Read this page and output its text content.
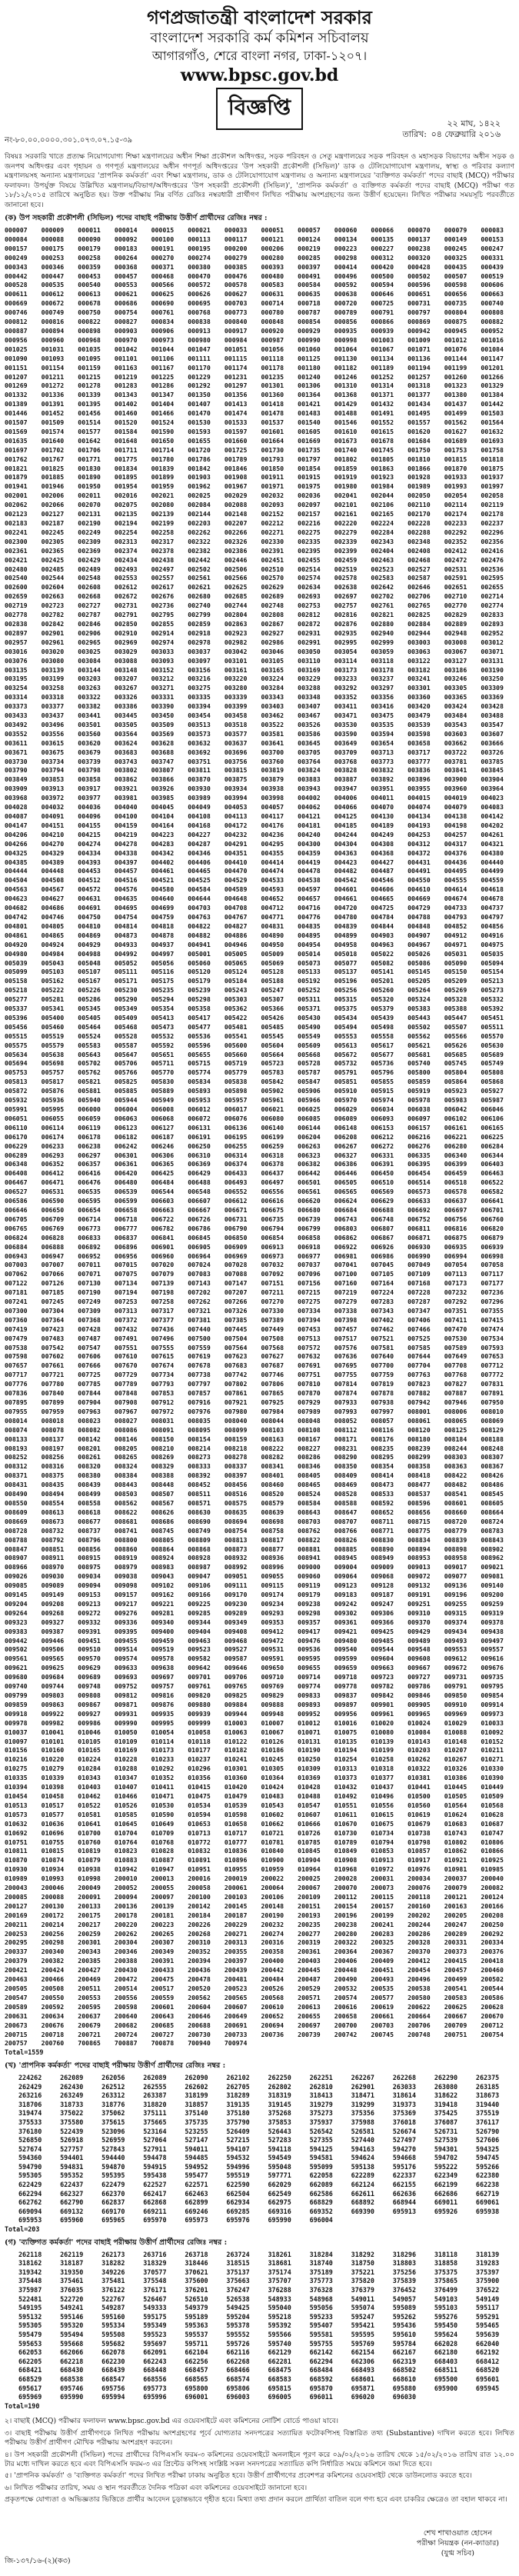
গণপ্রজাতন্ত্রী বাংলাদেশ সরকার
বাংলাদেশ সরকারি কর্ম কমিশন সচিবালয়
আগারগাঁও, শেরে বাংলা নগর, ঢাকা-১২০৭।
www.bpsc.gov.bd
বিজ্ঞপ্তি
২২ মাঘ, ১৪২২
তারিখ: ০৪ ফেব্রুয়ারি ২০১৬
নং-৮০.০০.০০০০.৩০১.০৭৩.০৭.১৫-৩৯
বিষয়ঃ সরকারি খাতে প্রত্যক্ষ নিয়োগযোগ্য শিক্ষা মন্ত্রণালয়ের অধীন শিক্ষা প্রকৌশল অধিদপ্তর, সড়ক পরিবহন ও সেতু মন্ত্রণালয়ের সড়ক পরিবহন ও মহাসড়ক বিভাগের অধীন সড়ক ও জনপথ অধিদপ্তর এবং গৃহায়ন ও গণপূর্ত মন্ত্রণালয়ের অধীন গণপূর্ত অধিদপ্তরের 'উপ সহকারী প্রকৌশলী (সিভিল)' ডাক ও টেলিযোগাযোগ মন্ত্রণালয়, স্বাস্থ্য ও পরিবার কল্যাণ মন্ত্রণালয়সহ অন্যান্য মন্ত্রণালয়ের 'প্রাপনিক কর্মকর্তা' এবং শিক্ষা মন্ত্রণালয়, ডাক ও টেলিযোগাযোগ মন্ত্রণালয় ও অন্যান্য মন্ত্রণালয়ের 'ব্যক্তিগত কর্মকর্তা' পদের বাছাই (MCQ) পরীক্ষার ফলাফল। উপর্যুক্ত বিষয়ে উল্লিখিত মন্ত্রণালয়/বিভাগ/অধিদপ্তরের 'উপ সহকারী প্রকৌশলী (সিভিল)', 'প্রাপনিক কর্মকর্তা' ও ব্যক্তিগত কর্মকর্তা পদের বাছাই (MCQ) পরীক্ষা গত ১৮/১২/২০১৫ তারিখে অনুষ্ঠিত হয়। উক্ত পরীক্ষায় নিম্ন বর্ণিত রেজিঃ নম্বরধারী প্রার্থীগণ লিখিত পরীক্ষায় অংশগ্রহণের জন্য উত্তীর্ণ হয়েছেন। লিখিত পরীক্ষার সময়সূচি পরবর্তীতে জানানো হবে।
(ক) উপ সহকারী প্রকৌশলী (সিভিল) পদের বাছাই পরীক্ষায় উত্তীর্ণ প্রার্থীদের রেজিঃ নম্বর :
000007	000009	000011	000014	000015	000021	000033	000051	000057	000060	000066	000070	000079	000083
000084	000088	000090	000092	000100	000113	000117	000121	000124	000134	000135	000137	000149	000153
000157	000175	000179	000183	000191	000195	000200	000206	000219	000223	000227	000238	000245	000247
000249	000253	000258	000264	000270	000274	000279	000280	000285	000298	000312	000320	000325	000331
000343	000346	000359	000368	000371	000380	000385	000393	000397	000414	000420	000428	000435	000439
000442	000447	000453	000457	000468	000470	000476	000480	000491	000496	000500	000502	000507	000519
000528	000535	000540	000553	000566	000572	000578	000583	000584	000592	000594	000596	000598	000606
000611	000612	000613	000621	000625	000626	000627	000631	000635	000638	000646	000651	000656	000663
000669	000672	000678	000686	000690	000695	000703	000714	000718	000720	000725	000731	000735	000740
000746	000749	000750	000754	000761	000768	000773	000780	000787	000789	000791	000797	000804	000808
000812	000816	000822	000827	000834	000838	000840	000848	000854	000856	000866	000869	000875	000882
000887	000894	000898	000903	000906	000913	000917	000920	000929	000935	000939	000942	000945	000952
000956	000960	000968	000970	000973	000980	000984	000987	000990	000998	001003	001009	001012	001016
001025	001031	001035	001042	001044	001047	001051	001056	001060	001064	001067	001071	001076	001084
001090	001093	001095	001101	001106	001111	001115	001118	001125	001130	001134	001136	001144	001147
001151	001154	001159	001163	001167	001170	001174	001178	001180	001182	001189	001194	001199	001201
001207	001211	001215	001219	001225	001229	001231	001235	001240	001246	001252	001257	001260	001266
001269	001272	001278	001283	001286	001292	001297	001301	001306	001310	001314	001318	001323	001329
001332	001336	001339	001343	001347	001350	001356	001360	001364	001368	001371	001377	001380	001384
001389	001391	001395	001402	001404	001407	001413	001418	001421	001429	001432	001434	001437	001442
001446	001452	001456	001460	001466	001470	001474	001478	001483	001488	001491	001495	001499	001503
001507	001509	001514	001520	001524	001530	001533	001537	001540	001546	001552	001557	001562	001564
001569	001574	001577	001584	001590	001593	001597	001601	001605	001610	001615	001620	001627	001632
001635	001640	001642	001648	001650	001655	001660	001664	001669	001673	001678	001684	001689	001693
001697	001702	001706	001711	001714	001720	001725	001730	001735	001740	001745	001750	001753	001758
001762	001767	001771	001775	001780	001786	001789	001793	001797	001802	001805	001810	001815	001818
001821	001825	001830	001834	001839	001842	001846	001850	001854	001859	001863	001866	001870	001875
001879	001885	001890	001895	001899	001903	001908	001911	001915	001919	001923	001928	001933	001937
001941	001946	001950	001954	001959	001962	001967	001971	001975	001980	001984	001989	001993	001997
002001	002006	002011	002016	002021	002025	002029	002032	002036	002041	002044	002050	002054	002058
002062	002066	002070	002075	002080	002084	002088	002093	002097	002101	002106	002110	002114	002119
002123	002127	002131	002135	002139	002144	002148	002152	002157	002161	002165	002170	002174	002178
002183	002187	002190	002194	002199	002203	002207	002212	002216	002220	002224	002228	002233	002237
002241	002245	002249	002254	002258	002262	002266	002271	002275	002279	002284	002288	002292	002296
002300	002305	002309	002313	002317	002322	002326	002330	002335	002339	002343	002348	002352	002356
002361	002365	002369	002374	002378	002382	002386	002391	002395	002399	002404	002408	002412	002416
002421	002425	002429	002434	002438	002442	002446	002451	002455	002459	002463	002468	002472	002476
002480	002485	002489	002493	002497	002502	002506	002510	002514	002519	002523	002527	002531	002536
002540	002544	002548	002553	002557	002561	002566	002570	002574	002578	002583	002587	002591	002595
002600	002604	002608	002612	002617	002621	002625	002629	002634	002638	002642	002646	002651	002655
002659	002663	002668	002672	002676	002680	002685	002689	002693	002697	002702	002706	002710	002714
002719	002723	002727	002731	002736	002740	002744	002748	002753	002757	002761	002765	002770	002774
002778	002782	002787	002791	002795	002799	002804	002808	002812	002816	002821	002825	002829	002833
002838	002842	002846	002850	002855	002859	002863	002867	002872	002876	002880	002884	002889	002893
002897	002901	002906	002910	002914	002918	002923	002927	002931	002935	002940	002944	002948	002952
002957	002961	002965	002969	002974	002978	002982	002986	002991	002995	002999	003003	003008	003012
003016	003020	003025	003029	003033	003037	003042	003046	003050	003054	003059	003063	003067	003071
003076	003080	003084	003088	003093	003097	003101	003105	003110	003114	003118	003122	003127	003131
003135	003139	003144	003148	003152	003156	003161	003165	003169	003173	003178	003182	003186	003190
003195	003199	003203	003207	003212	003216	003220	003224	003229	003233	003237	003241	003246	003250
003254	003258	003263	003267	003271	003275	003280	003284	003288	003292	003297	003301	003305	003309
003314	003318	003322	003326	003331	003335	003339	003343	003348	003352	003356	003360	003365	003369
003373	003377	003382	003386	003390	003394	003399	003403	003407	003411	003416	003420	003424	003428
003433	003437	003441	003445	003450	003454	003458	003462	003467	003471	003475	003479	003484	003488
003492	003496	003501	003505	003509	003513	003518	003522	003526	003530	003535	003539	003543	003547
003552	003556	003560	003564	003569	003573	003577	003581	003586	003590	003594	003598	003603	003607
003611	003615	003620	003624	003628	003632	003637	003641	003645	003649	003654	003658	003662	003666
003671	003675	003679	003683	003688	003692	003696	003700	003705	003709	003713	003717	003722	003726
003730	003734	003739	003743	003747	003751	003756	003760	003764	003768	003773	003777	003781	003785
003790	003794	003798	003802	003807	003811	003815	003819	003824	003828	003832	003836	003841	003845
003849	003853	003858	003862	003866	003870	003875	003879	003883	003887	003892	003896	003900	003904
003909	003913	003917	003921	003926	003930	003934	003938	003943	003947	003951	003955	003960	003964
003968	003972	003977	003981	003985	003989	003994	003998	004002	004006	004011	004015	004019	004023
004028	004032	004036	004040	004045	004049	004053	004057	004062	004066	004070	004074	004079	004083
004087	004091	004096	004100	004104	004108	004113	004117	004121	004125	004130	004134	004138	004142
004147	004151	004155	004159	004164	004168	004172	004176	004181	004185	004189	004193	004198	004202
004206	004210	004215	004219	004223	004227	004232	004236	004240	004244	004249	004253	004257	004261
004266	004270	004274	004278	004283	004287	004291	004295	004300	004304	004308	004312	004317	004321
004325	004329	004334	004338	004342	004346	004351	004355	004359	004363	004368	004372	004376	004380
004385	004389	004393	004397	004402	004406	004410	004414	004419	004423	004427	004431	004436	004440
004444	004448	004453	004457	004461	004465	004470	004474	004478	004482	004487	004491	004495	004499
004504	004508	004512	004516	004521	004525	004529	004533	004538	004542	004546	004550	004555	004559
004563	004567	004572	004576	004580	004584	004589	004593	004597	004601	004606	004610	004614	004618
004623	004627	004631	004635	004640	004644	004648	004652	004657	004661	004665	004669	004674	004678
004682	004686	004691	004695	004699	004703	004708	004712	004716	004720	004725	004729	004733	004737
004742	004746	004750	004754	004759	004763	004767	004771	004776	004780	004784	004788	004793	004797
004801	004805	004810	004814	004818	004822	004827	004831	004835	004839	004844	004848	004852	004856
004861	004865	004869	004873	004878	004882	004886	004890	004895	004899	004903	004907	004912	004916
004920	004924	004929	004933	004937	004941	004946	004950	004954	004958	004963	004967	004971	004975
004980	004984	004988	004992	004997	005001	005005	005009	005014	005018	005022	005026	005031	005035
005039	005043	005048	005052	005056	005060	005065	005069	005073	005077	005082	005086	005090	005094
005099	005103	005107	005111	005116	005120	005124	005128	005133	005137	005141	005145	005150	005154
005158	005162	005167	005171	005175	005179	005184	005188	005192	005196	005201	005205	005209	005213
005218	005222	005226	005230	005235	005239	005243	005247	005252	005256	005260	005264	005269	005273
005277	005281	005286	005290	005294	005298	005303	005307	005311	005315	005320	005324	005328	005332
005337	005341	005345	005349	005354	005358	005362	005366	005371	005375	005379	005383	005388	005392
005396	005400	005405	005409	005413	005417	005422	005426	005430	005434	005439	005443	005447	005451
005456	005460	005464	005468	005473	005477	005481	005485	005490	005494	005498	005502	005507	005511
005515	005519	005524	005528	005532	005536	005541	005545	005549	005553	005558	005562	005566	005570
005575	005579	005583	005587	005592	005596	005600	005604	005609	005613	005617	005621	005626	005630
005634	005638	005643	005647	005651	005655	005660	005664	005668	005672	005677	005681	005685	005689
005694	005698	005702	005706	005711	005715	005719	005723	005728	005732	005736	005740	005745	005749
005753	005757	005762	005766	005770	005774	005779	005783	005787	005791	005796	005800	005804	005808
005813	005817	005821	005825	005830	005834	005838	005842	005847	005851	005855	005859	005864	005868
005872	005876	005881	005885	005889	005893	005898	005902	005906	005910	005915	005919	005923	005927
005932	005936	005940	005944	005949	005953	005957	005961	005966	005970	005974	005978	005983	005987
005991	005995	006000	006004	006008	006012	006017	006021	006025	006029	006034	006038	006042	006046
006051	006055	006059	006063	006068	006072	006076	006080	006085	006089	006093	006097	006102	006106
006110	006114	006119	006123	006127	006131	006136	006140	006144	006148	006153	006157	006161	006165
006170	006174	006178	006182	006187	006191	006195	006199	006204	006208	006212	006216	006221	006225
006229	006233	006238	006242	006246	006250	006255	006259	006263	006267	006272	006276	006280	006284
006289	006293	006297	006301	006306	006310	006314	006318	006323	006327	006331	006335	006340	006344
006348	006352	006357	006361	006365	006369	006374	006378	006382	006386	006391	006395	006399	006403
006408	006412	006416	006420	006425	006429	006433	006437	006442	006446	006450	006454	006459	006463
006467	006471	006476	006480	006484	006488	006493	006497	006501	006505	006510	006514	006518	006522
006527	006531	006535	006539	006544	006548	006552	006556	006561	006565	006569	006573	006578	006582
006586	006590	006595	006599	006603	006607	006612	006616	006620	006624	006629	006633	006637	006641
006646	006650	006654	006658	006663	006667	006671	006675	006680	006684	006688	006692	006697	006701
006705	006709	006714	006718	006722	006726	006731	006735	006739	006743	006748	006752	006756	006760
006765	006769	006773	006777	006782	006786	006790	006794	006799	006803	006807	006811	006816	006820
006824	006828	006833	006837	006841	006845	006850	006854	006858	006862	006867	006871	006875	006879
006884	006888	006892	006896	006901	006905	006909	006913	006918	006922	006926	006930	006935	006939
006943	006947	006952	006956	006960	006964	006969	006973	006977	006981	006986	006990	006994	006998
007003	007007	007011	007015	007020	007024	007028	007032	007037	007041	007045	007049	007054	007058
007062	007066	007071	007075	007079	007083	007088	007092	007096	007100	007105	007109	007113	007117
007122	007126	007130	007134	007139	007143	007147	007151	007156	007160	007164	007168	007173	007177
007181	007185	007190	007194	007198	007202	007207	007211	007215	007219	007224	007228	007232	007236
007241	007245	007249	007253	007258	007262	007266	007270	007275	007279	007283	007287	007292	007296
007300	007304	007309	007313	007317	007321	007326	007330	007334	007338	007343	007347	007351	007355
007360	007364	007368	007372	007377	007381	007385	007389	007394	007398	007402	007406	007411	007415
007419	007423	007428	007432	007436	007440	007445	007449	007453	007457	007462	007466	007470	007474
007479	007483	007487	007491	007496	007500	007504	007508	007513	007517	007521	007525	007530	007534
007538	007542	007547	007551	007555	007559	007564	007568	007572	007576	007581	007585	007589	007593
007598	007602	007606	007610	007615	007619	007623	007627	007632	007636	007640	007644	007649	007653
007657	007661	007666	007670	007674	007678	007683	007687	007691	007695	007700	007704	007708	007712
007717	007721	007725	007729	007734	007738	007742	007746	007751	007755	007759	007763	007768	007772
007776	007780	007785	007789	007793	007797	007802	007806	007810	007814	007819	007823	007827	007831
007836	007840	007844	007848	007853	007857	007861	007865	007870	007874	007878	007882	007887	007891
007895	007899	007904	007908	007912	007916	007921	007925	007929	007933	007938	007942	007946	007950
007955	007959	007963	007967	007972	007976	007980	007984	007989	007993	007997	008001	008006	008010
008014	008018	008023	008027	008031	008035	008040	008044	008048	008052	008057	008061	008065	008069
008074	008078	008082	008086	008091	008095	008099	008103	008108	008112	008116	008120	008125	008129
008133	008137	008142	008146	008150	008154	008159	008163	008167	008171	008176	008180	008184	008188
008193	008197	008201	008205	008210	008214	008218	008222	008227	008231	008235	008239	008244	008248
008252	008256	008261	008265	008269	008273	008278	008282	008286	008290	008295	008299	008303	008307
008312	008316	008320	008324	008329	008333	008337	008341	008346	008350	008354	008358	008363	008367
008371	008375	008380	008384	008388	008392	008397	008401	008405	008409	008414	008418	008422	008426
008431	008435	008439	008443	008448	008452	008456	008460	008465	008469	008473	008477	008482	008486
008490	008494	008499	008503	008507	008511	008516	008520	008524	008528	008533	008537	008541	008545
008550	008554	008558	008562	008567	008571	008575	008579	008584	008588	008592	008596	008601	008605
008609	008613	008618	008622	008626	008630	008635	008639	008643	008647	008652	008656	008660	008664
008669	008673	008677	008681	008686	008690	008694	008698	008703	008707	008711	008715	008720	008724
008728	008732	008737	008741	008745	008749	008754	008758	008762	008766	008771	008775	008779	008783
008788	008792	008796	008800	008805	008809	008813	008817	008822	008826	008830	008834	008839	008843
008847	008851	008856	008860	008864	008868	008873	008877	008881	008885	008890	008894	008898	008902
008907	008911	008915	008919	008924	008928	008932	008936	008941	008945	008949	008953	008958	008962
008966	008970	008975	008979	008983	008987	008992	008996	009000	009004	009009	009013	009017	009021
009026	009030	009034	009038	009043	009047	009051	009055	009060	009064	009068	009072	009077	009081
009085	009089	009094	009098	009102	009106	009111	009115	009119	009123	009128	009132	009136	009140
009145	009149	009153	009157	009162	009166	009170	009174	009179	009183	009187	009191	009196	009200
009204	009208	009213	009217	009221	009225	009230	009234	009238	009242	009247	009251	009255	009259
009264	009268	009272	009276	009281	009285	009289	009293	009298	009302	009306	009310	009315	009319
009323	009327	009332	009336	009340	009344	009349	009353	009357	009361	009366	009370	009374	009378
009383	009387	009391	009395	009400	009404	009408	009412	009417	009421	009425	009429	009434	009438
009442	009446	009451	009455	009459	009463	009468	009472	009476	009480	009485	009489	009493	009497
009502	009506	009510	009514	009519	009523	009527	009531	009536	009540	009544	009548	009553	009557
009561	009565	009570	009574	009578	009582	009587	009591	009595	009599	009604	009608	009612	009616
009621	009625	009629	009633	009638	009642	009646	009650	009655	009659	009663	009667	009672	009676
009680	009684	009689	009693	009697	009701	009706	009710	009714	009718	009723	009727	009731	009735
009740	009744	009748	009752	009757	009761	009765	009769	009774	009778	009782	009786	009791	009795
009799	009803	009808	009812	009816	009820	009825	009829	009833	009837	009842	009846	009850	009854
009859	009863	009867	009871	009876	009880	009884	009888	009893	009897	009901	009905	009910	009914
009918	009922	009927	009931	009935	009939	009944	009948	009952	009956	009961	009965	009969	009973
009978	009982	009986	009990	009995	009999	010003	010007	010012	010016	010020	010024	010029	010033
010037	010041	010046	010050	010054	010058	010063	010067	010071	010075	010080	010084	010088	010092
010097	010101	010105	010109	010114	010118	010122	010126	010131	010135	010139	010143	010148	010152
010156	010160	010165	010169	010173	010177	010182	010186	010190	010194	010199	010203	010207	010211
010216	010220	010224	010228	010233	010237	010241	010245	010250	010254	010258	010262	010267	010271
010275	010279	010284	010288	010292	010296	010301	010305	010309	010313	010318	010322	010326	010330
010335	010339	010343	010347	010352	010356	010360	010364	010369	010373	010377	010381	010386	010390
010394	010398	010403	010407	010411	010415	010420	010424	010428	010432	010437	010441	010445	010449
010454	010458	010462	010466	010471	010475	010479	010483	010488	010492	010496	010500	010505	010509
010513	010517	010522	010526	010530	010534	010539	010543	010547	010551	010556	010560	010564	010568
010573	010577	010581	010585	010590	010594	010598	010602	010607	010611	010615	010619	010624	010628
010632	010636	010641	010645	010649	010653	010658	010662	010666	010670	010675	010679	010683	010687
010692	010696	010700	010704	010709	010713	010717	010721	010726	010730	010734	010738	010743	010747
010751	010755	010760	010764	010768	010772	010777	010781	010785	010789	010794	010798	010802	010806
010811	010815	010819	010823	010828	010832	010836	010840	010845	010849	010853	010857	010862	010866
010870	010874	010879	010883	010887	010891	010896	010900	010904	010908	010913	010917	010921	010925
010930	010934	010938	010942	010947	010951	010955	010959	010964	010968	010972	010976	010981	010985
010989	010993	010998	200010	200013	200016	200019	200022	200025	200028	200031	200034	200037	200040
200043	200046	200049	200052	200055	200058	200061	200064	200067	200070	200073	200076	200079	200082
200085	200088	200091	200094	200097	200100	200103	200106	200109	200112	200115	200118	200121	200124
200127	200130	200133	200136	200139	200142	200145	200148	200151	200154	200157	200160	200163	200166
200169	200172	200175	200178	200181	200184	200187	200190	200193	200196	200199	200202	200205	200208
200211	200214	200217	200220	200223	200226	200229	200232	200235	200238	200241	200244	200247	200250
200253	200256	200259	200262	200265	200268	200271	200274	200277	200280	200283	200286	200289	200292
200295	200298	200301	200304	200307	200310	200313	200316	200319	200322	200325	200328	200331	200334
200337	200340	200343	200346	200349	200352	200355	200358	200361	200364	200367	200370	200373	200376
200379	200382	200385	200388	200391	200394	200397	200400	200403	200406	200409	200412	200415	200418
200421	200424	200427	200430	200433	200436	200439	200442	200445	200448	200451	200454	200457	200460
200463	200466	200469	200472	200475	200478	200481	200484	200487	200490	200493	200496	200499	200502
200505	200508	200511	200514	200517	200520	200523	200526	200529	200532	200535	200538	200541	200544
200547	200550	200553	200556	200559	200562	200565	200568	200571	200574	200577	200580	200583	200586
200589	200592	200595	200598	200601	200604	200607	200610	200613	200616	200619	200622	200625	200628
200631	200634	200637	200640	200643	200646	200649	200652	200655	200658	200661	200664	200667	200670
200673	200676	200679	200682	200685	200688	200691	200694	200697	200700	200703	200706	200709	200712
200715	200718	200721	200724	200727	200730	200733	200736	200739	200742	200745	200748	200751	200754
200757	200760	700865	700887	700878	700940	700974
Total=1559
(খ) 'প্রাপনিক কর্মকর্তা' পদের বাছাই পরীক্ষায় উত্তীর্ণ প্রার্থীদের রেজিঃ নম্বর :
224262	262089	262056	262089	262090	262102	262250	262251	262267	262268	262290	262375
262429	262430	262512	262555	262602	262705	262802	262810	262901	263033	263080	263185
263216	263249	263312	263387	318199	318289	318319	318413	318471	318614	318622	318673
318706	318733	318776	318820	318857	319135	319145	319279	319299	319373	319418	319440
319474	375022	375062	375111	375140	375180	375268	375273	375356	375369	375425	375519
375533	375580	375615	375665	375735	375790	375853	375937	375988	376018	376087	376117
376180	522439	523096	523164	523255	526409	526443	526542	526581	526674	526731	526790
526850	526918	526959	527064	527147	527215	527283	527355	527440	527497	527539	527606
527674	527757	527843	527911	594011	594107	594118	594125	594163	594270	594301	594325
594360	594401	594440	594478	594485	594532	594549	594581	594624	594668	594702	594745
594790	594831	594870	594915	594952	594996	595048	595099	595138	595176	595222	595266
595305	595352	595395	595438	595477	595519	597771	622058	622289	622337	622349	622380
622429	622437	622479	622527	622571	622590	662029	662089	662124	662155	662199	662238
662294	662327	662370	662417	662463	662504	662549	662586	662611	662636	662686	662719
662762	662790	662837	662868	662899	662934	662975	668829	668892	668944	669011	669061
669094	669132	669170	669211	669246	669285	669316	669352	669390	695913	695926	695938
695953	695960	695965	695970	695973	695976	695990	696004
Total=203
(গ) 'ব্যক্তিগত কর্মকর্তা' পদের বাছাই পরীক্ষায় উত্তীর্ণ প্রার্থীদের রেজিঃ নম্বর :
262118	262119	262173	263716	263718	263724	318261	318284	318292	318296	318118	318139
318162	318187	318282	318329	318446	318515	318681	318740	318750	318803	318858	319283
319342	319350	349226	370577	370621	375137	375174	375189	375221	375256	375375	375397
375448	375461	375481	375548	375600	375663	375707	375773	375820	375839	375865	375900
375987	376035	376122	376171	376201	376247	376288	376328	376379	376452	376499	376522
522481	522720	522767	526467	526510	526538	548933	548968	549011	549057	549103	549149
549195	549241	549287	549333	549379	549425	595040	595056	595074	595089	595103	595117
595132	595146	595160	595175	595189	595204	595218	595233	595247	595262	595276	595291
595305	595320	595334	595349	595363	595378	595392	595407	595421	595436	595450	595465
595479	595494	595508	595523	595537	595552	595566	595581	595595	595610	595624	595639
595653	595668	595682	595697	595711	595726	595740	595755	595769	595784	662028	662040
662053	662066	662078	662091	662104	662116	662129	662142	662154	662167	662180	662192
662205	662218	662230	662243	662256	662268	662281	662294	662306	662319	668403	668412
668421	668430	668439	668448	668457	668466	668475	668484	668493	668502	668511	668520
668529	668538	668547	668556	668565	668574	668583	668592	668601	668610	695500	695601
695617	695746	695756	695773	695800	695806	695815	695870	695871	695880	695900	695945
695969	695990	695994	695996	696001	696003	696005	696011	696020	696030
Total=190

২। বাছাই (MCQ) পরীক্ষার ফলাফল www.bpsc.gov.bd এর ওয়েবসাইটে এবং কমিশনের নোটিশ বোর্ডে পাওয়া যাবে।

৩। বাছাই পরীক্ষায় উত্তীর্ণ প্রার্থীগণকে লিখিত পরীক্ষায় অংশগ্রহণের পূর্বে যোগ্যতার সনদপত্রের সত্যায়িত ফটোকপিসহ বিস্তারিত তথ্য (Substantive) দাখিল করতে হবে। লিখিত পরীক্ষায় উত্তীর্ণ প্রার্থীগণ মৌখিক পরীক্ষায় অংশগ্রহণ করবেন।

৪। উপ সহকারী প্রকৌশলী (সিভিল) পদের প্রার্থীদের বিপিএসসি ফরম-৩ কমিশনের ওয়েবসাইটে অনলাইনে পূরণ করে ০৯/০২/২০১৬ তারিখ থেকে ১৫/০২/২০১৬ তারিখ রাত ১২.০০ টার মধ্যে দাখিল করতে হবে এবং বিপিএসসি ফরম-৩ এর প্রিন্টেড কপিসহ সংশ্লিষ্ট সকল সনদপত্রের সত্যায়িত কপি নির্ধারিত সময়ে কমিশনে জমা দিতে হবে।

৫। 'প্রাপনিক কর্মকর্তা' ও 'ব্যক্তিগত কর্মকর্তা' পদের লিখিত পরীক্ষা ঢাকায় অনুষ্ঠিত হবে। উত্তীর্ণ প্রার্থীগণের প্রবেশপত্র কমিশনের ওয়েবসাইট থেকে ডাউনলোড করতে হবে।

৬। লিখিত পরীক্ষার তারিখ, সময় ও স্থান পরবর্তীতে দৈনিক পত্রিকা এবং কমিশনের ওয়েবসাইটে জানানো হবে।

প্রকৃতপক্ষে যোগ্যতা ও অভিজ্ঞতার ভিত্তিতে প্রার্থীর আবেদন চূড়ান্তভাবে গৃহীত হবে। মিথ্যা তথ্য প্রদান করলে প্রার্থিতা বাতিল বলে গণ্য হবে এবং চাকরির ক্ষেত্রেও তা বহাল থাকবে না।

জি-১৩৭/১৬-(২)(ক৩)
শেখ শাখাওয়াত হোসেন
পরীক্ষা নিয়ন্ত্রক (নন-ক্যাডার)
(যুগ্ম সচিব)
